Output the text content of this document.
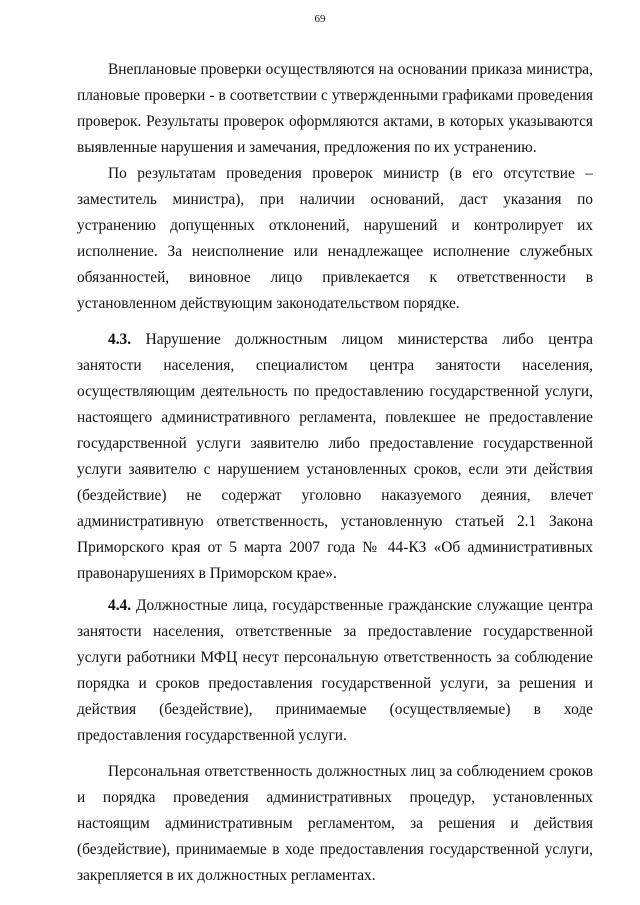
69

Внеплановые проверки осуществляются на основании приказа министра, плановые проверки - в соответствии с утвержденными графиками проведения проверок. Результаты проверок оформляются актами, в которых указываются выявленные нарушения и замечания, предложения по их устранению.

По результатам проведения проверок министр (в его отсутствие – заместитель министра), при наличии оснований, даст указания по устранению допущенных отклонений, нарушений и контролирует их исполнение. За неисполнение или ненадлежащее исполнение служебных обязанностей, виновное лицо привлекается к ответственности в установленном действующим законодательством порядке.

4.3. Нарушение должностным лицом министерства либо центра занятости населения, специалистом центра занятости населения, осуществляющим деятельность по предоставлению государственной услуги, настоящего административного регламента, повлекшее не предоставление государственной услуги заявителю либо предоставление государственной услуги заявителю с нарушением установленных сроков, если эти действия (бездействие) не содержат уголовно наказуемого деяния, влечет административную ответственность, установленную статьей 2.1 Закона Приморского края от 5 марта 2007 года № 44-КЗ «Об административных правонарушениях в Приморском крае».

4.4. Должностные лица, государственные гражданские служащие центра занятости населения, ответственные за предоставление государственной услуги работники МФЦ несут персональную ответственность за соблюдение порядка и сроков предоставления государственной услуги, за решения и действия (бездействие), принимаемые (осуществляемые) в ходе предоставления государственной услуги.

Персональная ответственность должностных лиц за соблюдением сроков и порядка проведения административных процедур, установленных настоящим административным регламентом, за решения и действия (бездействие), принимаемые в ходе предоставления государственной услуги, закрепляется в их должностных регламентах.
